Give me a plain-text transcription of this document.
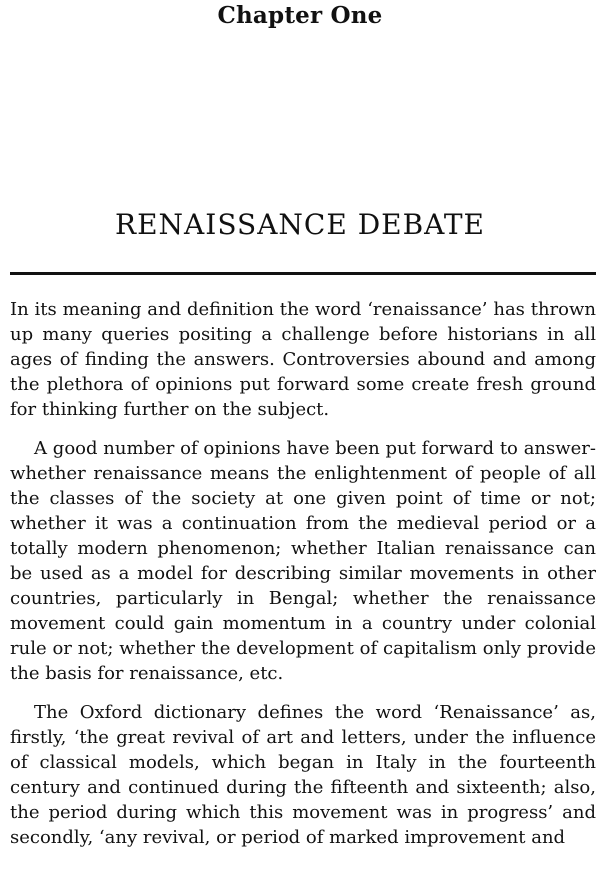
Chapter One
RENAISSANCE DEBATE

In its meaning and definition the word ‘renaissance’ has thrown up many queries positing a challenge before historians in all ages of finding the answers. Controversies abound and among the plethora of opinions put forward some create fresh ground for thinking further on the subject.

A good number of opinions have been put forward to answer- whether renaissance means the enlightenment of people of all the classes of the society at one given point of time or not; whether it was a continuation from the medieval period or a totally modern phenomenon; whether Italian renaissance can be used as a model for describing similar movements in other countries, particularly in Bengal; whether the renaissance movement could gain momentum in a country under colonial rule or not; whether the development of capitalism only provide the basis for renaissance, etc.

The Oxford dictionary defines the word ‘Renaissance’ as, firstly, ‘the great revival of art and letters, under the influence of classical models, which began in Italy in the fourteenth century and continued during the fifteenth and sixteenth; also, the period during which this movement was in progress’ and secondly, ‘any revival, or period of marked improvement and
